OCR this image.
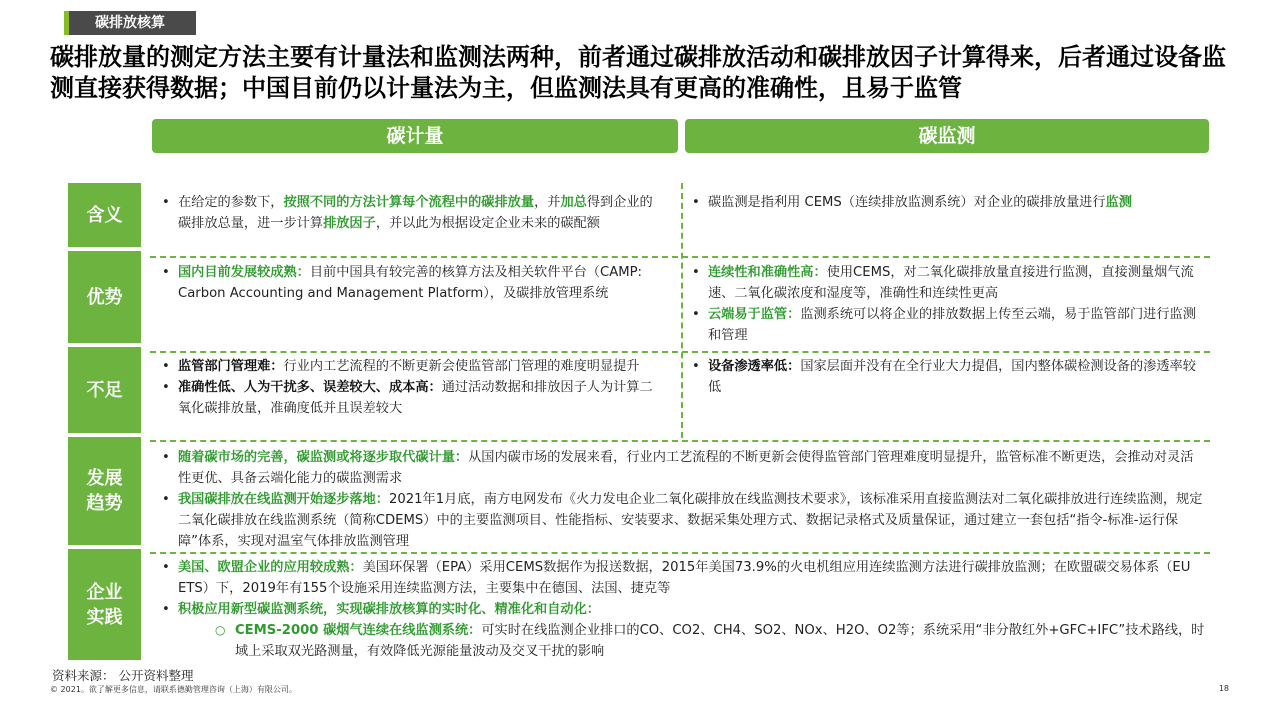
碳排放核算
碳排放量的测定方法主要有计量法和监测法两种，前者通过碳排放活动和碳排放因子计算得来，后者通过设备监测直接获得数据；中国目前仍以计量法为主，但监测法具有更高的准确性，且易于监管
碳计量	碳监测
含义
优势
不足
发展趋势
企业实践
• 在给定的参数下，按照不同的方法计算每个流程中的碳排放量，并加总得到企业的碳排放总量，进一步计算排放因子，并以此为根据设定企业未来的碳配额
• 碳监测是指利用 CEMS（连续排放监测系统）对企业的碳排放量进行监测
• 国内目前发展较成熟：目前中国具有较完善的核算方法及相关软件平台（CAMP: Carbon Accounting and Management Platform），及碳排放管理系统
• 连续性和准确性高：使用CEMS，对二氧化碳排放量直接进行监测，直接测量烟气流速、二氧化碳浓度和湿度等，准确性和连续性更高
• 云端易于监管：监测系统可以将企业的排放数据上传至云端，易于监管部门进行监测和管理
• 监管部门管理难：行业内工艺流程的不断更新会使监管部门管理的难度明显提升
• 准确性低、人为干扰多、误差较大、成本高：通过活动数据和排放因子人为计算二氧化碳排放量，准确度低并且误差较大
• 设备渗透率低：国家层面并没有在全行业大力提倡，国内整体碳检测设备的渗透率较低
• 随着碳市场的完善，碳监测或将逐步取代碳计量：从国内碳市场的发展来看，行业内工艺流程的不断更新会使得监管部门管理难度明显提升，监管标准不断更迭，会推动对灵活性更优、具备云端化能力的碳监测需求
• 我国碳排放在线监测开始逐步落地：2021年1月底，南方电网发布《火力发电企业二氧化碳排放在线监测技术要求》，该标准采用直接监测法对二氧化碳排放进行连续监测，规定二氧化碳排放在线监测系统（简称CDEMS）中的主要监测项目、性能指标、安装要求、数据采集处理方式、数据记录格式及质量保证，通过建立一套包括“指令-标准-运行保障”体系，实现对温室气体排放监测管理
• 美国、欧盟企业的应用较成熟：美国环保署（EPA）采用CEMS数据作为报送数据，2015年美国73.9%的火电机组应用连续监测方法进行碳排放监测；在欧盟碳交易体系（EU ETS）下，2019年有155个设施采用连续监测方法，主要集中在德国、法国、捷克等
• 积极应用新型碳监测系统，实现碳排放核算的实时化、精准化和自动化：
○ CEMS-2000 碳烟气连续在线监测系统：可实时在线监测企业排口的CO、CO2、CH4、SO2、NOx、H2O、O2等；系统采用“非分散红外+GFC+IFC”技术路线，时域上采取双光路测量，有效降低光源能量波动及交叉干扰的影响
资料来源： 公开资料整理
© 2021。欲了解更多信息，请联系德勤管理咨询（上海）有限公司。	18
